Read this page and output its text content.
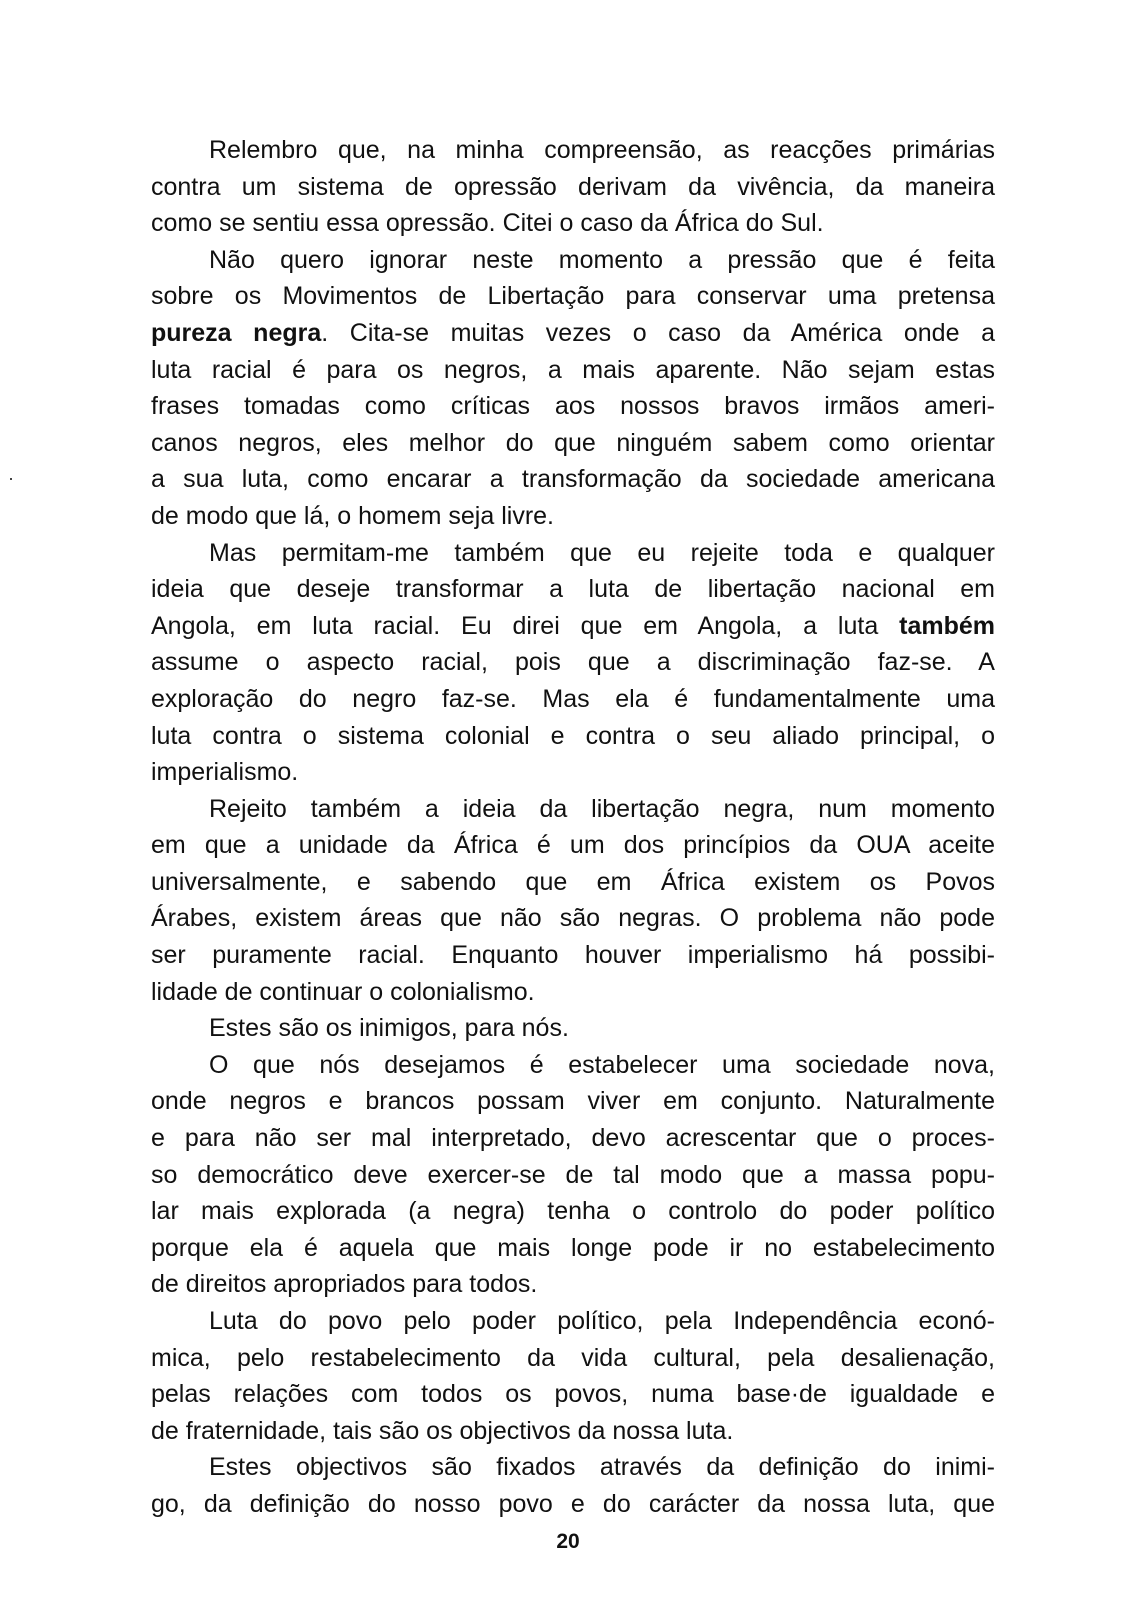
Relembro que, na minha compreensão, as reacções primárias
contra um sistema de opressão derivam da vivência, da maneira
como se sentiu essa opressão. Citei o caso da África do Sul.
Não quero ignorar neste momento a pressão que é feita
sobre os Movimentos de Libertação para conservar uma pretensa
pureza negra. Cita-se muitas vezes o caso da América onde a
luta racial é para os negros, a mais aparente. Não sejam estas
frases tomadas como críticas aos nossos bravos irmãos ameri-
canos negros, eles melhor do que ninguém sabem como orientar
a sua luta, como encarar a transformação da sociedade americana
de modo que lá, o homem seja livre.
Mas permitam-me também que eu rejeite toda e qualquer
ideia que deseje transformar a luta de libertação nacional em
Angola, em luta racial. Eu direi que em Angola, a luta também
assume o aspecto racial, pois que a discriminação faz-se. A
exploração do negro faz-se. Mas ela é fundamentalmente uma
luta contra o sistema colonial e contra o seu aliado principal, o
imperialismo.
Rejeito também a ideia da libertação negra, num momento
em que a unidade da África é um dos princípios da OUA aceite
universalmente, e sabendo que em África existem os Povos
Árabes, existem áreas que não são negras. O problema não pode
ser puramente racial. Enquanto houver imperialismo há possibi-
lidade de continuar o colonialismo.
Estes são os inimigos, para nós.
O que nós desejamos é estabelecer uma sociedade nova,
onde negros e brancos possam viver em conjunto. Naturalmente
e para não ser mal interpretado, devo acrescentar que o proces-
so democrático deve exercer-se de tal modo que a massa popu-
lar mais explorada (a negra) tenha o controlo do poder político
porque ela é aquela que mais longe pode ir no estabelecimento
de direitos apropriados para todos.
Luta do povo pelo poder político, pela Independência econó-
mica, pelo restabelecimento da vida cultural, pela desalienação,
pelas relações com todos os povos, numa base·de igualdade e
de fraternidade, tais são os objectivos da nossa luta.
Estes objectivos são fixados através da definição do inimi-
go, da definição do nosso povo e do carácter da nossa luta, que
20
